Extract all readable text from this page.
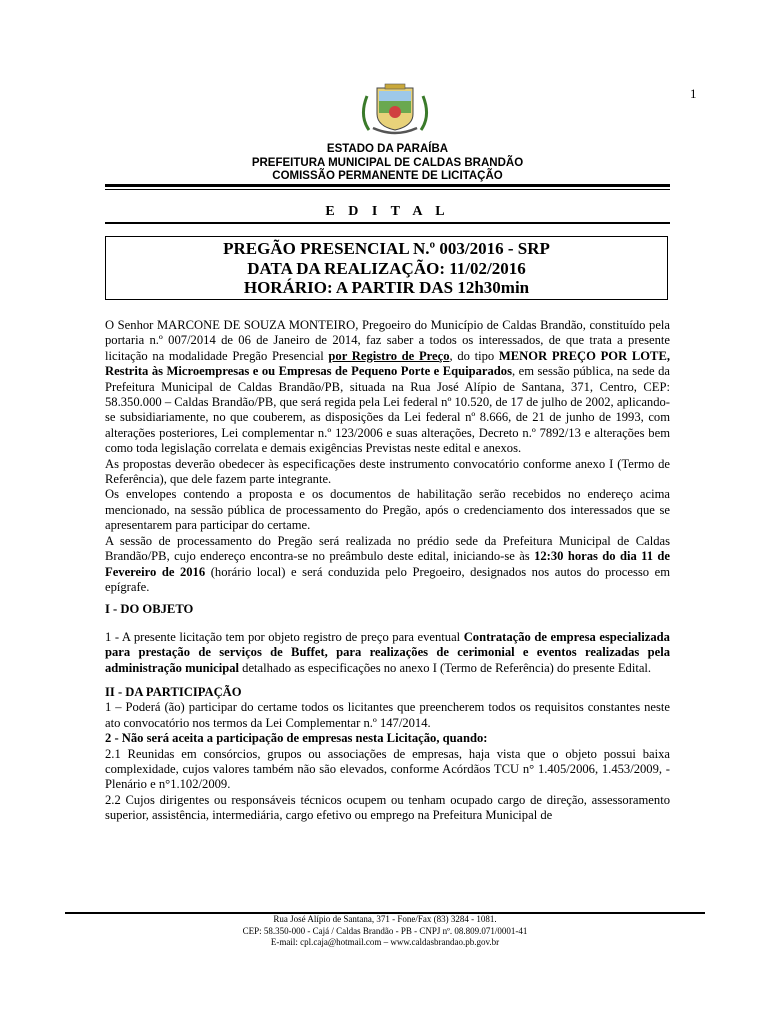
1
ESTADO DA PARAÍBA
PREFEITURA MUNICIPAL DE CALDAS BRANDÃO
COMISSÃO PERMANENTE DE LICITAÇÃO
E D I T A L
PREGÃO PRESENCIAL N.º 003/2016 - SRP
DATA DA REALIZAÇÃO: 11/02/2016
HORÁRIO: A PARTIR DAS 12h30min

O Senhor MARCONE DE SOUZA MONTEIRO, Pregoeiro do Município de Caldas Brandão, constituído pela portaria n.º 007/2014 de 06 de Janeiro de 2014, faz saber a todos os interessados, de que trata a presente licitação na modalidade Pregão Presencial por Registro de Preço, do tipo MENOR PREÇO POR LOTE, Restrita às Microempresas e ou Empresas de Pequeno Porte e Equiparados, em sessão pública, na sede da Prefeitura Municipal de Caldas Brandão/PB, situada na Rua José Alípio de Santana, 371, Centro, CEP: 58.350.000 – Caldas Brandão/PB, que será regida pela Lei federal nº 10.520, de 17 de julho de 2002, aplicando-se subsidiariamente, no que couberem, as disposições da Lei federal nº 8.666, de 21 de junho de 1993, com alterações posteriores, Lei complementar n.º 123/2006 e suas alterações, Decreto n.º 7892/13 e alterações bem como toda legislação correlata e demais exigências Previstas neste edital e anexos.

As propostas deverão obedecer às especificações deste instrumento convocatório conforme anexo I (Termo de Referência), que dele fazem parte integrante.

Os envelopes contendo a proposta e os documentos de habilitação serão recebidos no endereço acima mencionado, na sessão pública de processamento do Pregão, após o credenciamento dos interessados que se apresentarem para participar do certame.

A sessão de processamento do Pregão será realizada no prédio sede da Prefeitura Municipal de Caldas Brandão/PB, cujo endereço encontra-se no preâmbulo deste edital, iniciando-se às 12:30 horas do dia 11 de Fevereiro de 2016 (horário local) e será conduzida pelo Pregoeiro, designados nos autos do processo em epígrafe.

I - DO OBJETO

1 - A presente licitação tem por objeto registro de preço para eventual Contratação de empresa especializada para prestação de serviços de Buffet, para realizações de cerimonial e eventos realizadas pela administração municipal detalhado as especificações no anexo I (Termo de Referência) do presente Edital.

II - DA PARTICIPAÇÃO

1 – Poderá (ão) participar do certame todos os licitantes que preencherem todos os requisitos constantes neste ato convocatório nos termos da Lei Complementar n.º 147/2014.

2 - Não será aceita a participação de empresas nesta Licitação, quando:

2.1 Reunidas em consórcios, grupos ou associações de empresas, haja vista que o objeto possui baixa complexidade, cujos valores também não são elevados, conforme Acórdãos TCU n° 1.405/2006, 1.453/2009, - Plenário e n°1.102/2009.

2.2 Cujos dirigentes ou responsáveis técnicos ocupem ou tenham ocupado cargo de direção, assessoramento superior, assistência, intermediária, cargo efetivo ou emprego na Prefeitura Municipal de

Rua José Alípio de Santana, 371 - Fone/Fax (83) 3284 - 1081.
CEP: 58.350-000 - Cajá / Caldas Brandão - PB - CNPJ nº. 08.809.071/0001-41
E-mail: cpl.caja@hotmail.com – www.caldasbrandao.pb.gov.br
